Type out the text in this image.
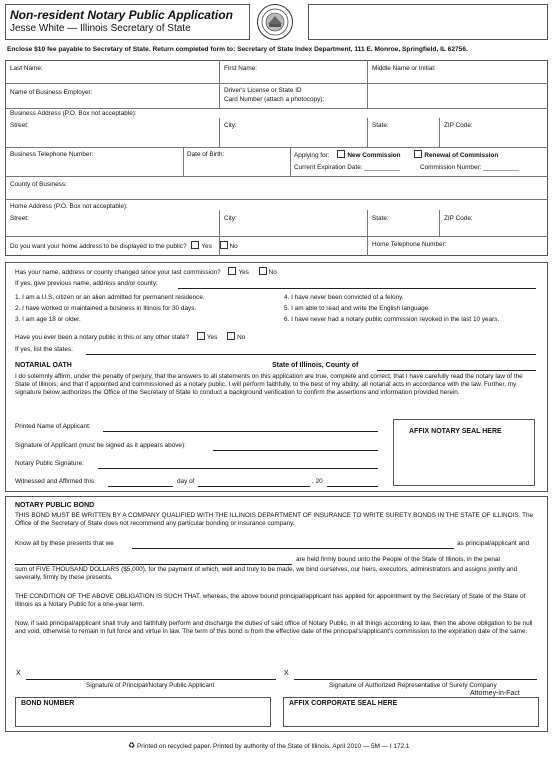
Non-resident Notary Public Application
Jesse White — Illinois Secretary of State
Enclose $10 fee payable to Secretary of State. Return completed form to: Secretary of State Index Department, 111 E. Monroe, Springfield, IL 62756.
Last Name:	First Name:	Middle Name or Initial:
Name of Business Employer:	Driver's License or State ID
Card Number (attach a photocopy):
Business Address (P.O. Box not acceptable):
Street:	City:	State:	ZIP Code:
Business Telephone Number:	Date of Birth:	Applying for:	New Commission	Renewal of Commission
Current Expiration Date: __________	Commission Number: __________
County of Business:
Home Address (P.O. Box not acceptable):
Street:	City:	State:	ZIP Code:
Do you want your home address to be displayed to the public? Yes	No	Home Telephone Number:
Has your name, address or county changed since your last commission?	Yes	No
If yes, give previous name, address and/or county:
1. I am a U.S. citizen or an alien admitted for permanent residence.
2. I have worked or maintained a business in Illinois for 30 days.
3. I am age 18 or older.
4. I have never been convicted of a felony.
5. I am able to read and write the English language.
6. I have never had a notary public commission revoked in the last 10 years.
Have you ever been a notary public in this or any other state?	Yes	No
If yes, list the states:
NOTARIAL OATH	State of Illinois, County of
I do solemnly affirm, under the penalty of perjury, that the answers to all statements on this application are true, complete and correct; that I have carefully read the notary law of the State of Illinois; and that if appointed and commissioned as a notary public, I will perform faithfully, to the best of my ability, all notarial acts in accordance with the law. Further, my signature below authorizes the Office of the Secretary of State to conduct a background verification to confirm the assertions and information provided herein.
Printed Name of Applicant:
Signature of Applicant (must be signed as it appears above):
Notary Public Signature:
Witnessed and Affirmed this	day of	, 20
AFFIX NOTARY SEAL HERE
NOTARY PUBLIC BOND
THIS BOND MUST BE WRITTEN BY A COMPANY QUALIFIED WITH THE ILLINOIS DEPARTMENT OF INSURANCE TO WRITE SURETY BONDS IN THE STATE OF ILLINOIS. The Office of the Secretary of State does not recommend any particular bonding or insurance company.
Know all by these presents that we	as principal/applicant and
are held firmly bound unto the People of the State of Illinois, in the penal
sum of FIVE THOUSAND DOLLARS ($5,000), for the payment of which, well and truly to be made, we bind ourselves, our heirs, executors, administrators and assigns jointly and severally, firmly by these presents.
THE CONDITION OF THE ABOVE OBLIGATION IS SUCH THAT, whereas, the above bound principal/applicant has applied for appointment by the Secretary of State of the State of Illinois as a Notary Public for a one-year term.
Now, if said principal/applicant shall truly and faithfully perform and discharge the duties of said office of Notary Public, in all things according to law, then the above obligation to be null and void, otherwise to remain in full force and virtue in law. The term of this bond is from the effective date of the principal's/applicant's commission to the expiration date of the same.
X
Signature of Principal/Notary Public Applicant
X
Signature of Authorized Representative of Surety Company
Attorney-in-Fact
BOND NUMBER	AFFIX CORPORATE SEAL HERE
♻ Printed on recycled paper. Printed by authority of the State of Illinois. April 2010 — 5M — I 172.1
